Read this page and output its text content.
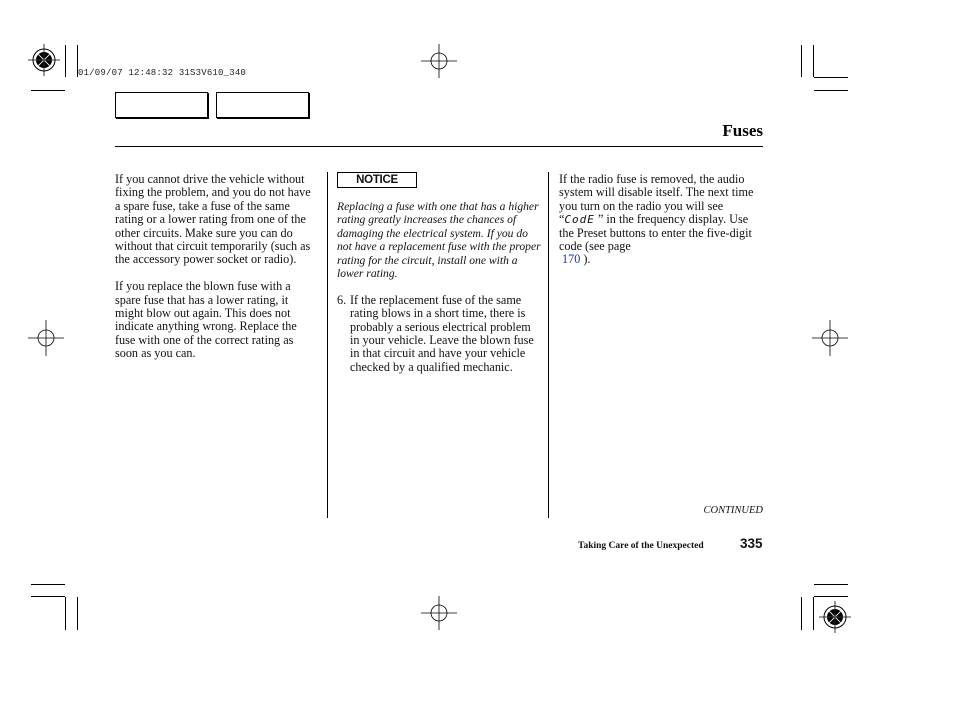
01/09/07 12:48:32 31S3V610_340
Fuses

If you cannot drive the vehicle without fixing the problem, and you do not have a spare fuse, take a fuse of the same rating or a lower rating from one of the other circuits. Make sure you can do without that circuit temporarily (such as the accessory power socket or radio).

If you replace the blown fuse with a spare fuse that has a lower rating, it might blow out again. This does not indicate anything wrong. Replace the fuse with one of the correct rating as soon as you can.

NOTICE

Replacing a fuse with one that has a higher rating greatly increases the chances of damaging the electrical system. If you do not have a replacement fuse with the proper rating for the circuit, install one with a lower rating.

6. If the replacement fuse of the same rating blows in a short time, there is probably a serious electrical problem in your vehicle. Leave the blown fuse in that circuit and have your vehicle checked by a qualified mechanic.

If the radio fuse is removed, the audio system will disable itself. The next time you turn on the radio you will see “CodE ” in the frequency display. Use the Preset buttons to enter the five-digit code (see page
170 ).

CONTINUED
Taking Care of the Unexpected	335
